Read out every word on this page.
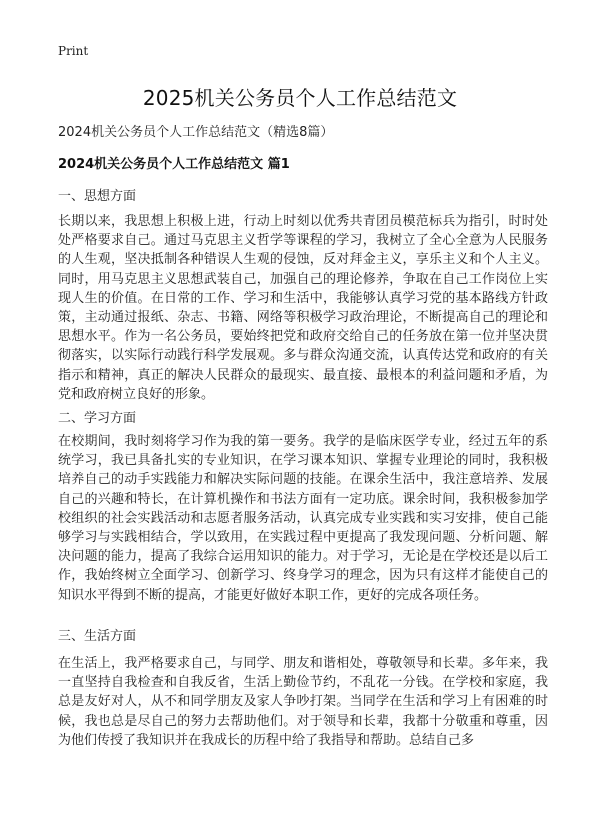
Print
2025机关公务员个人工作总结范文
2024机关公务员个人工作总结范文（精选8篇）
2024机关公务员个人工作总结范文 篇1
一、思想方面

长期以来，我思想上积极上进，行动上时刻以优秀共青团员模范标兵为指引，时时处处严格要求自己。通过马克思主义哲学等课程的学习，我树立了全心全意为人民服务的人生观，坚决抵制各种错误人生观的侵蚀，反对拜金主义，享乐主义和个人主义。同时，用马克思主义思想武装自己，加强自己的理论修养，争取在自己工作岗位上实现人生的价值。在日常的工作、学习和生活中，我能够认真学习党的基本路线方针政策，主动通过报纸、杂志、书籍、网络等积极学习政治理论，不断提高自己的理论和思想水平。作为一名公务员，要始终把党和政府交给自己的任务放在第一位并坚决贯彻落实，以实际行动践行科学发展观。多与群众沟通交流，认真传达党和政府的有关指示和精神，真正的解决人民群众的最现实、最直接、最根本的利益问题和矛盾，为党和政府树立良好的形象。

二、学习方面

在校期间，我时刻将学习作为我的第一要务。我学的是临床医学专业，经过五年的系统学习，我已具备扎实的专业知识，在学习课本知识、掌握专业理论的同时，我积极培养自己的动手实践能力和解决实际问题的技能。在课余生活中，我注意培养、发展自己的兴趣和特长，在计算机操作和书法方面有一定功底。课余时间，我积极参加学校组织的社会实践活动和志愿者服务活动，认真完成专业实践和实习安排，使自己能够学习与实践相结合，学以致用，在实践过程中更提高了我发现问题、分析问题、解决问题的能力，提高了我综合运用知识的能力。对于学习，无论是在学校还是以后工作，我始终树立全面学习、创新学习、终身学习的理念，因为只有这样才能使自己的知识水平得到不断的提高，才能更好做好本职工作，更好的完成各项任务。

三、生活方面

在生活上，我严格要求自己，与同学、朋友和谐相处，尊敬领导和长辈。多年来，我一直坚持自我检查和自我反省，生活上勤俭节约，不乱花一分钱。在学校和家庭，我总是友好对人，从不和同学朋友及家人争吵打架。当同学在生活和学习上有困难的时候，我也总是尽自己的努力去帮助他们。对于领导和长辈，我都十分敬重和尊重，因为他们传授了我知识并在我成长的历程中给了我指导和帮助。总结自己多
